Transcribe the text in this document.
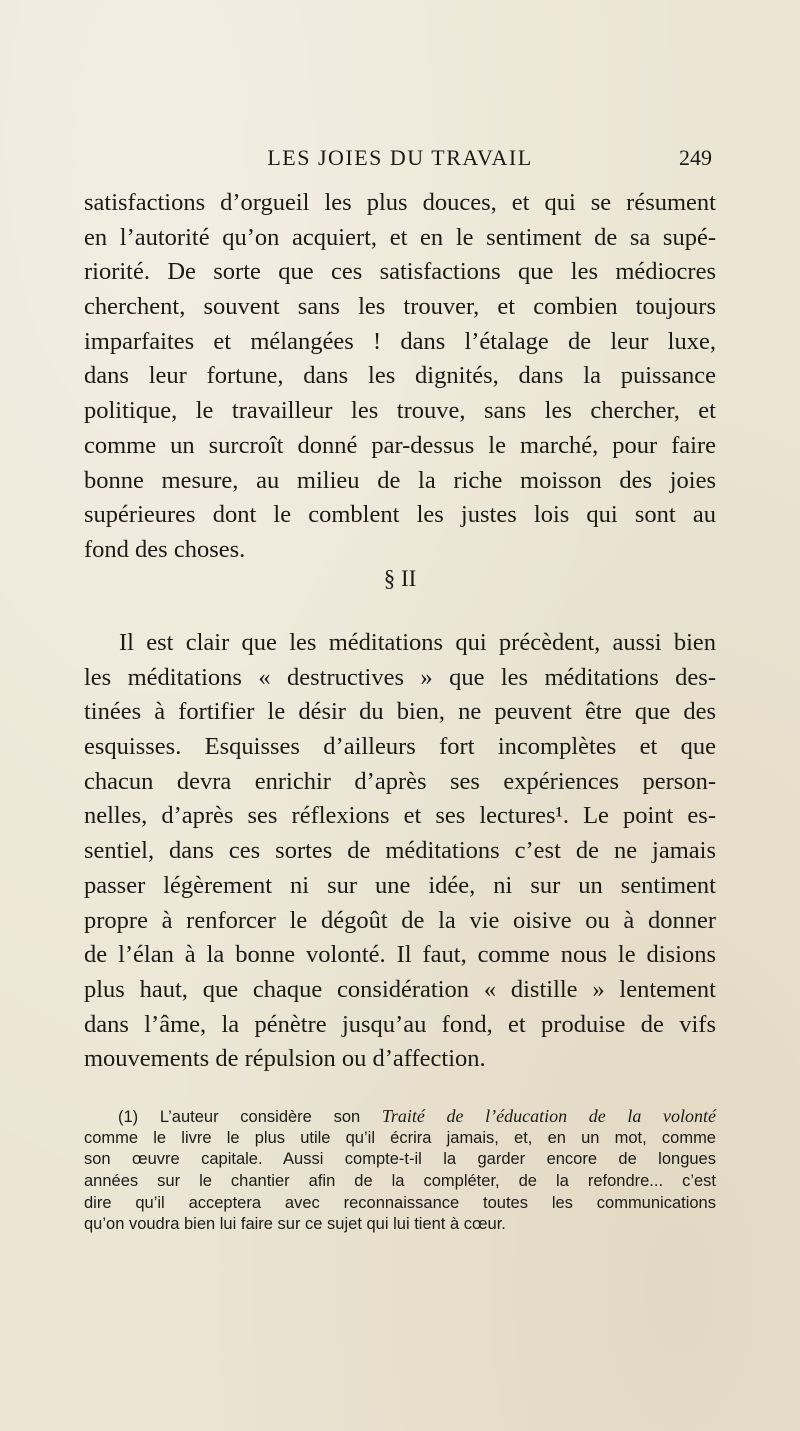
LES JOIES DU TRAVAIL	249
satisfactions d’orgueil les plus douces, et qui se résument
en l’autorité qu’on acquiert, et en le sentiment de sa supé-
riorité. De sorte que ces satisfactions que les médiocres
cherchent, souvent sans les trouver, et combien toujours
imparfaites et mélangées ! dans l’étalage de leur luxe,
dans leur fortune, dans les dignités, dans la puissance
politique, le travailleur les trouve, sans les chercher, et
comme un surcroît donné par-dessus le marché, pour faire
bonne mesure, au milieu de la riche moisson des joies
supérieures dont le comblent les justes lois qui sont au
fond des choses.
§ II
Il est clair que les méditations qui précèdent, aussi bien
les méditations « destructives » que les méditations des-
tinées à fortifier le désir du bien, ne peuvent être que des
esquisses. Esquisses d’ailleurs fort incomplètes et que
chacun devra enrichir d’après ses expériences person-
nelles, d’après ses réflexions et ses lectures¹. Le point es-
sentiel, dans ces sortes de méditations c’est de ne jamais
passer légèrement ni sur une idée, ni sur un sentiment
propre à renforcer le dégoût de la vie oisive ou à donner
de l’élan à la bonne volonté. Il faut, comme nous le disions
plus haut, que chaque considération « distille » lentement
dans l’âme, la pénètre jusqu’au fond, et produise de vifs
mouvements de répulsion ou d’affection.
(1) L’auteur considère son Traité de l’éducation de la volonté
comme le livre le plus utile qu’il écrira jamais, et, en un mot, comme
son œuvre capitale. Aussi compte-t-il la garder encore de longues
années sur le chantier afin de la compléter, de la refondre... c’est
dire qu’il acceptera avec reconnaissance toutes les communications
qu’on voudra bien lui faire sur ce sujet qui lui tient à cœur.
